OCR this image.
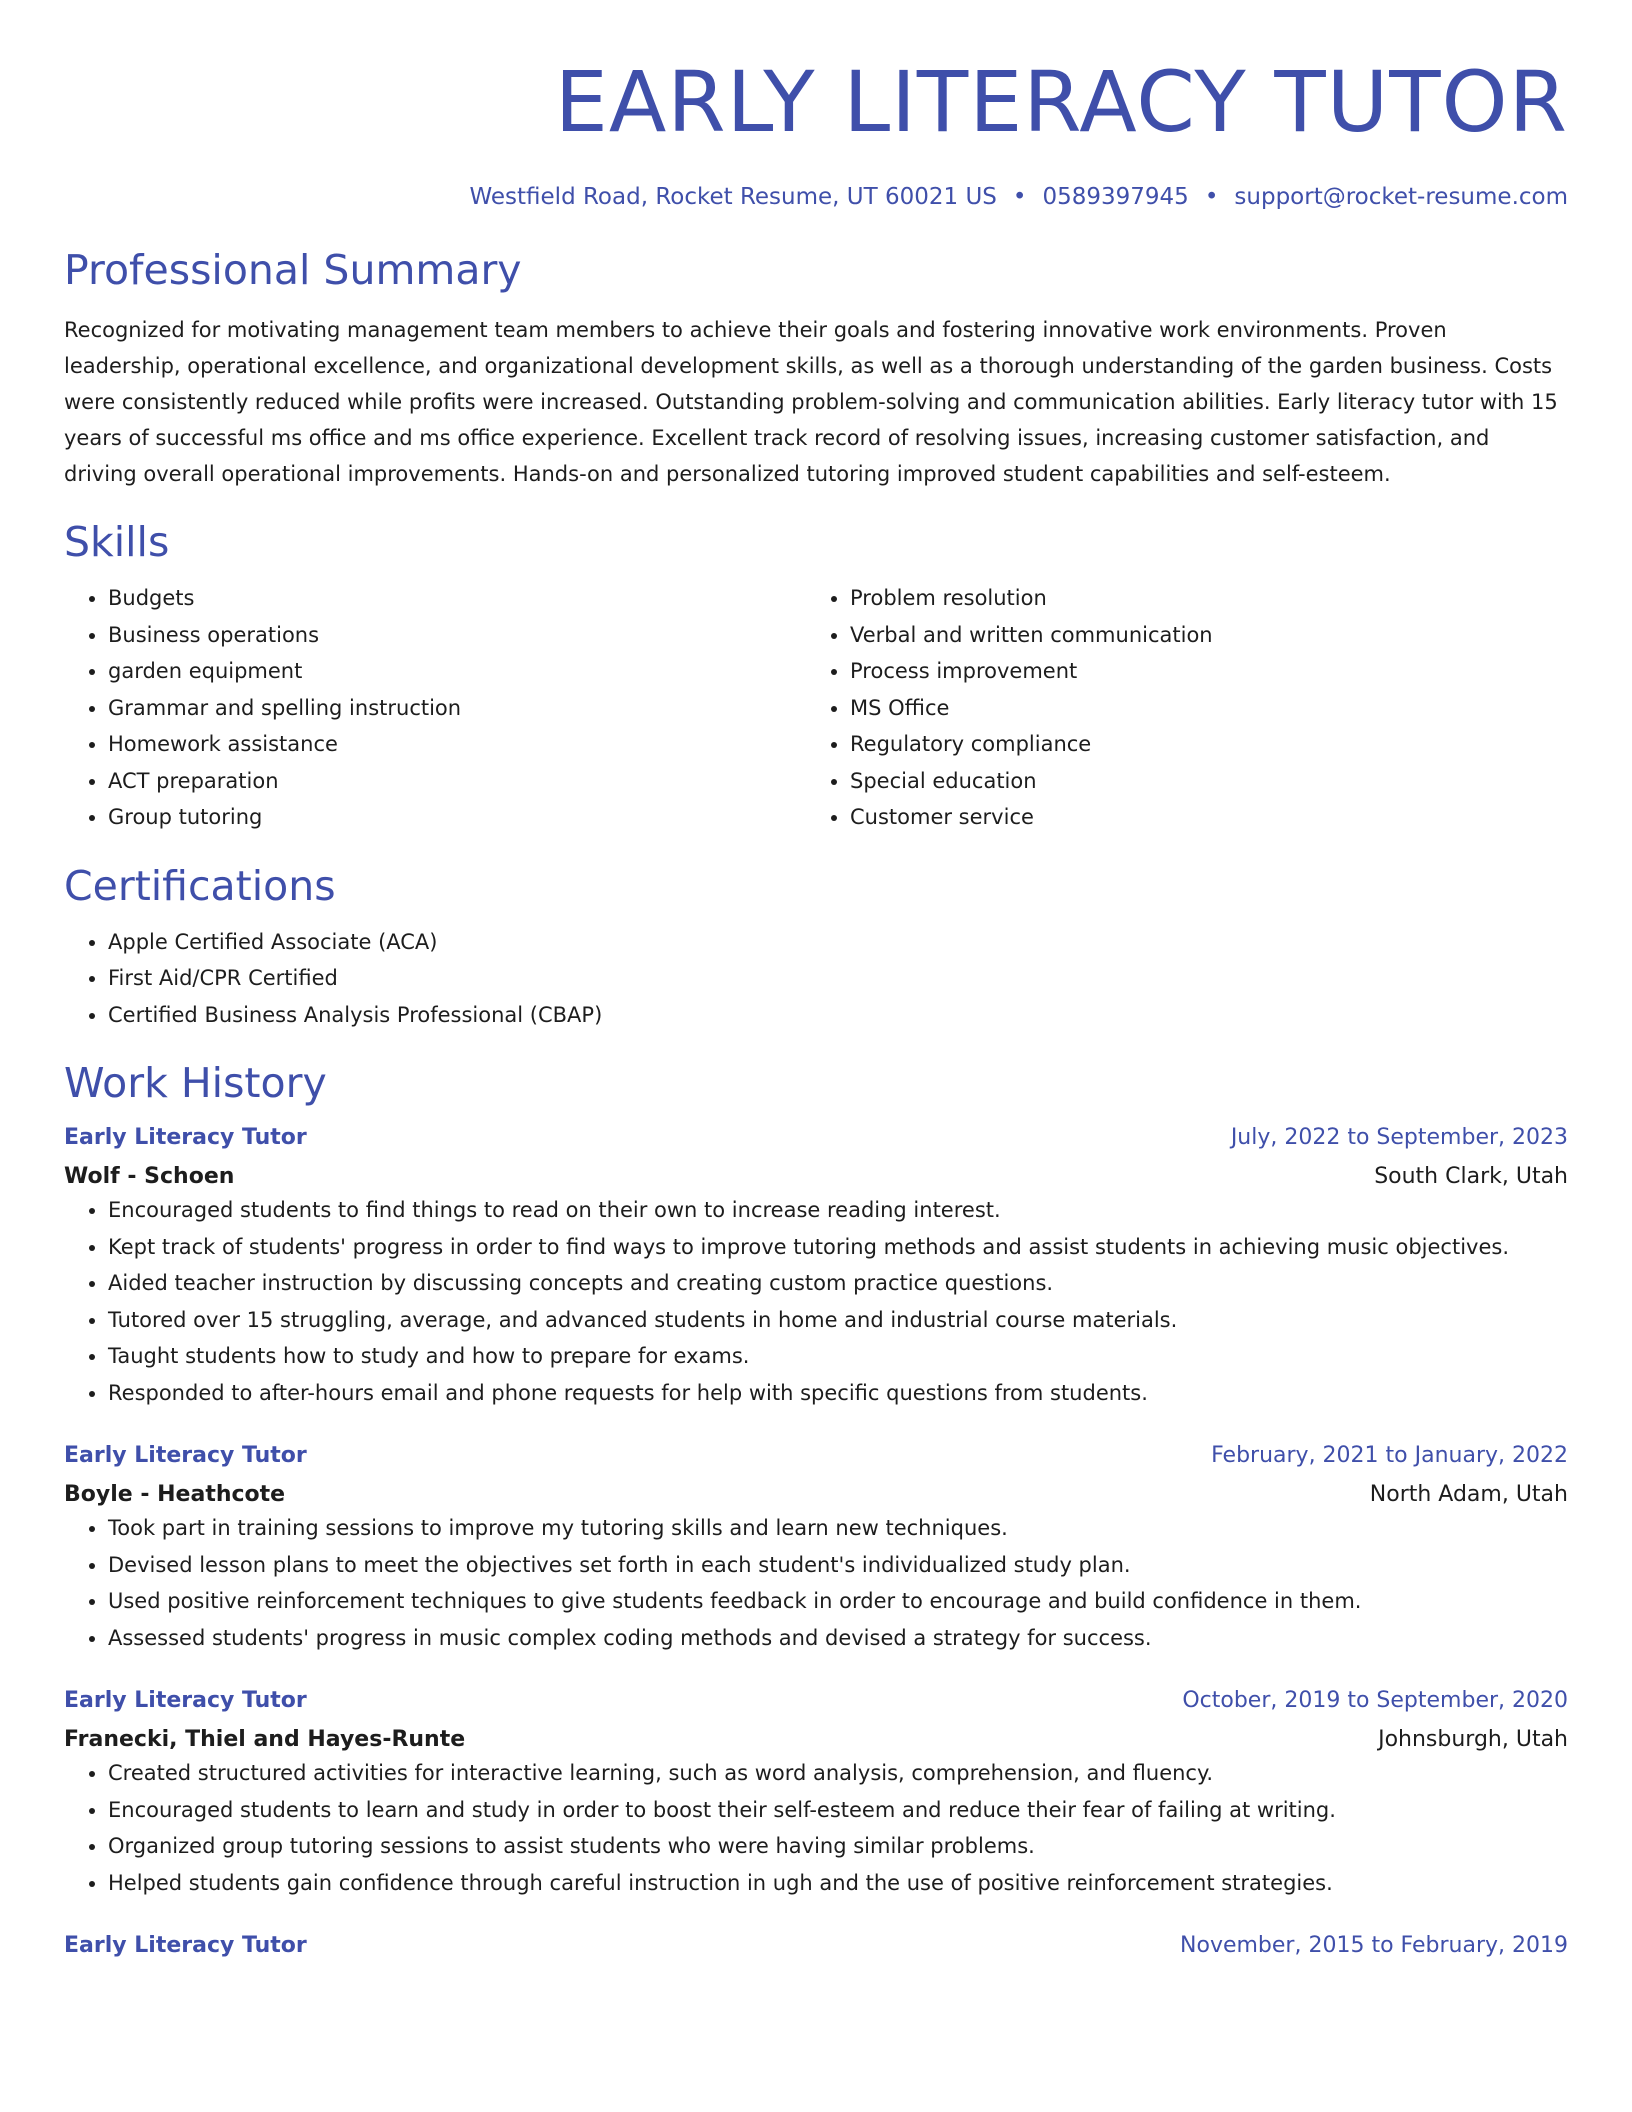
EARLY LITERACY TUTOR
Westfield Road, Rocket Resume, UT 60021 US • 0589397945 • support@rocket-resume.com
Professional Summary

Recognized for motivating management team members to achieve their goals and fostering innovative work environments. Proven leadership, operational excellence, and organizational development skills, as well as a thorough understanding of the garden business. Costs were consistently reduced while profits were increased. Outstanding problem-solving and communication abilities. Early literacy tutor with 15 years of successful ms office and ms office experience. Excellent track record of resolving issues, increasing customer satisfaction, and driving overall operational improvements. Hands-on and personalized tutoring improved student capabilities and self-esteem.

Skills
• Budgets
• Business operations
• garden equipment
• Grammar and spelling instruction
• Homework assistance
• ACT preparation
• Group tutoring
• Problem resolution
• Verbal and written communication
• Process improvement
• MS Office
• Regulatory compliance
• Special education
• Customer service
Certifications
• Apple Certified Associate (ACA)
• First Aid/CPR Certified
• Certified Business Analysis Professional (CBAP)
Work History
Early Literacy Tutor	July, 2022 to September, 2023
Wolf - Schoen	South Clark, Utah
• Encouraged students to find things to read on their own to increase reading interest.
• Kept track of students' progress in order to find ways to improve tutoring methods and assist students in achieving music objectives.
• Aided teacher instruction by discussing concepts and creating custom practice questions.
• Tutored over 15 struggling, average, and advanced students in home and industrial course materials.
• Taught students how to study and how to prepare for exams.
• Responded to after-hours email and phone requests for help with specific questions from students.
Early Literacy Tutor	February, 2021 to January, 2022
Boyle - Heathcote	North Adam, Utah
• Took part in training sessions to improve my tutoring skills and learn new techniques.
• Devised lesson plans to meet the objectives set forth in each student's individualized study plan.
• Used positive reinforcement techniques to give students feedback in order to encourage and build confidence in them.
• Assessed students' progress in music complex coding methods and devised a strategy for success.
Early Literacy Tutor	October, 2019 to September, 2020
Franecki, Thiel and Hayes-Runte	Johnsburgh, Utah
• Created structured activities for interactive learning, such as word analysis, comprehension, and fluency.
• Encouraged students to learn and study in order to boost their self-esteem and reduce their fear of failing at writing.
• Organized group tutoring sessions to assist students who were having similar problems.
• Helped students gain confidence through careful instruction in ugh and the use of positive reinforcement strategies.
Early Literacy Tutor	November, 2015 to February, 2019
